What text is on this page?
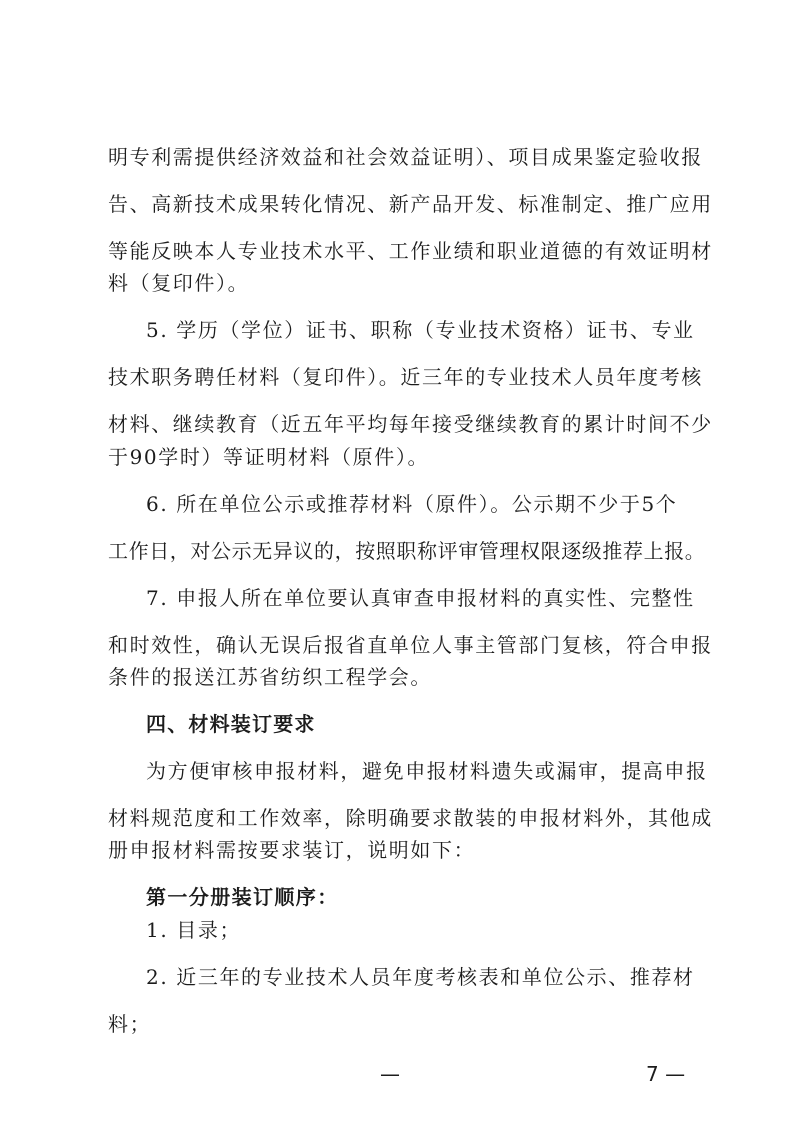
明专利需提供经济效益和社会效益证明）、项目成果鉴定验收报
告、高新技术成果转化情况、新产品开发、标准制定、推广应用
等能反映本人专业技术水平、工作业绩和职业道德的有效证明材
料（复印件）。
5. 学历（学位）证书、职称（专业技术资格）证书、专业
技术职务聘任材料（复印件）。近三年的专业技术人员年度考核
材料、继续教育（近五年平均每年接受继续教育的累计时间不少
于90学时）等证明材料（原件）。
6. 所在单位公示或推荐材料（原件）。公示期不少于5个
工作日，对公示无异议的，按照职称评审管理权限逐级推荐上报。
7. 申报人所在单位要认真审查申报材料的真实性、完整性
和时效性，确认无误后报省直单位人事主管部门复核，符合申报
条件的报送江苏省纺织工程学会。
四、材料装订要求
为方便审核申报材料，避免申报材料遗失或漏审，提高申报
材料规范度和工作效率，除明确要求散装的申报材料外，其他成
册申报材料需按要求装订，说明如下：
第一分册装订顺序：
1. 目录；
2. 近三年的专业技术人员年度考核表和单位公示、推荐材
料；
—	7 —
